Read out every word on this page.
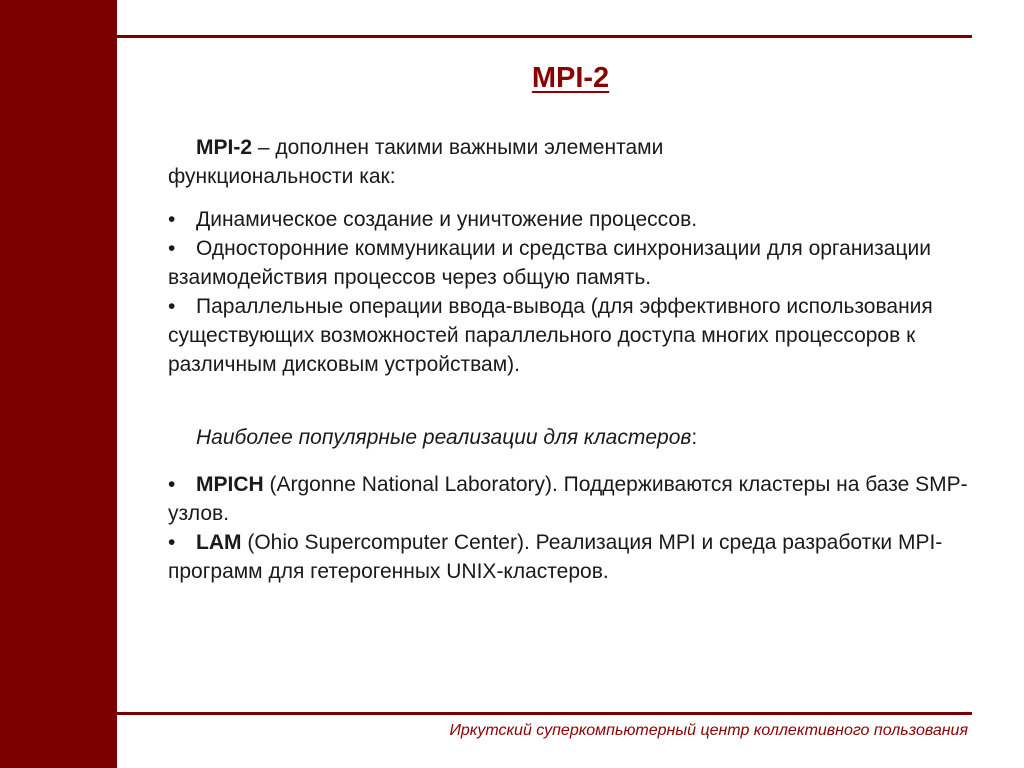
MPI-2

MPI-2 – дополнен такими важными элементами
функциональности как:

• Динамическое создание и уничтожение процессов.
• Односторонние коммуникации и средства синхронизации для организации взаимодействия процессов через общую память.
• Параллельные операции ввода-вывода (для эффективного использования существующих возможностей параллельного доступа многих процессоров к различным дисковым устройствам).

Наиболее популярные реализации для кластеров:

• MPICH (Argonne National Laboratory). Поддерживаются кластеры на базе SMP-узлов.
• LAM (Ohio Supercomputer Center). Реализация MPI и среда разработки MPI-программ для гетерогенных UNIX-кластеров.
Иркутский суперкомпьютерный центр коллективного пользования
